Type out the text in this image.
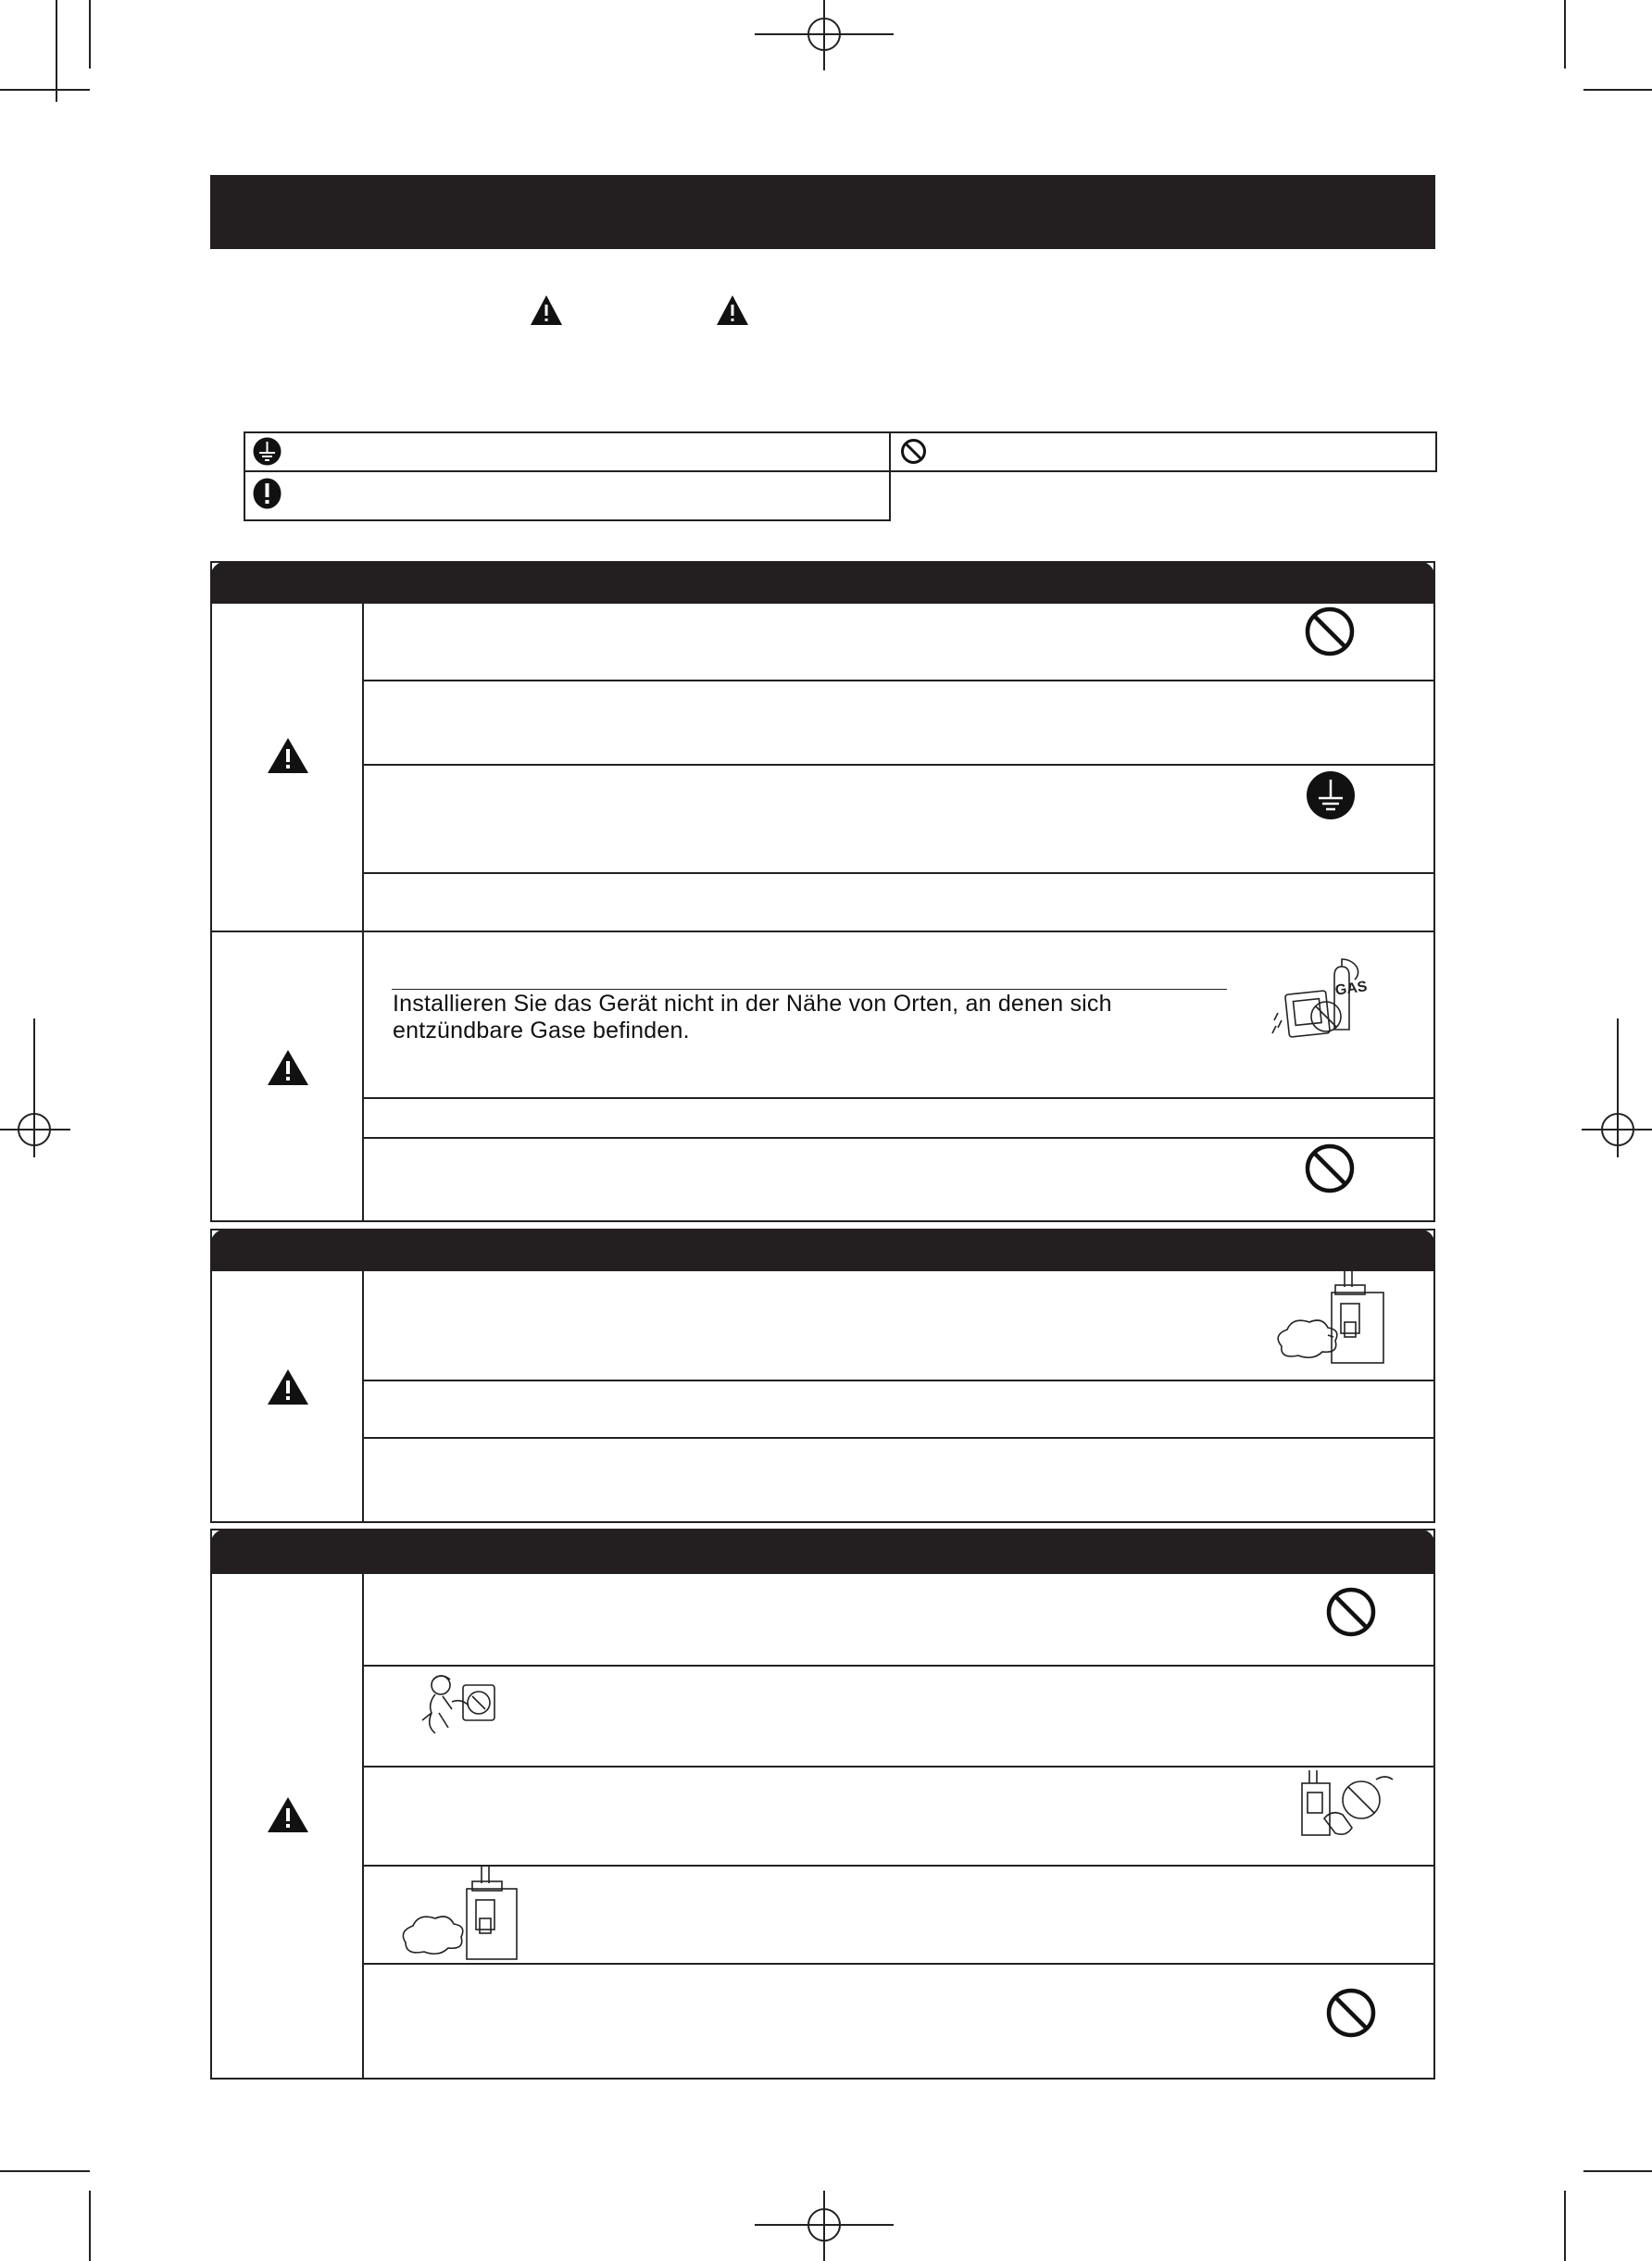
Installieren Sie das Gerät nicht in der Nähe von Orten, an denen sich entzündbare Gase befinden.
GAS
